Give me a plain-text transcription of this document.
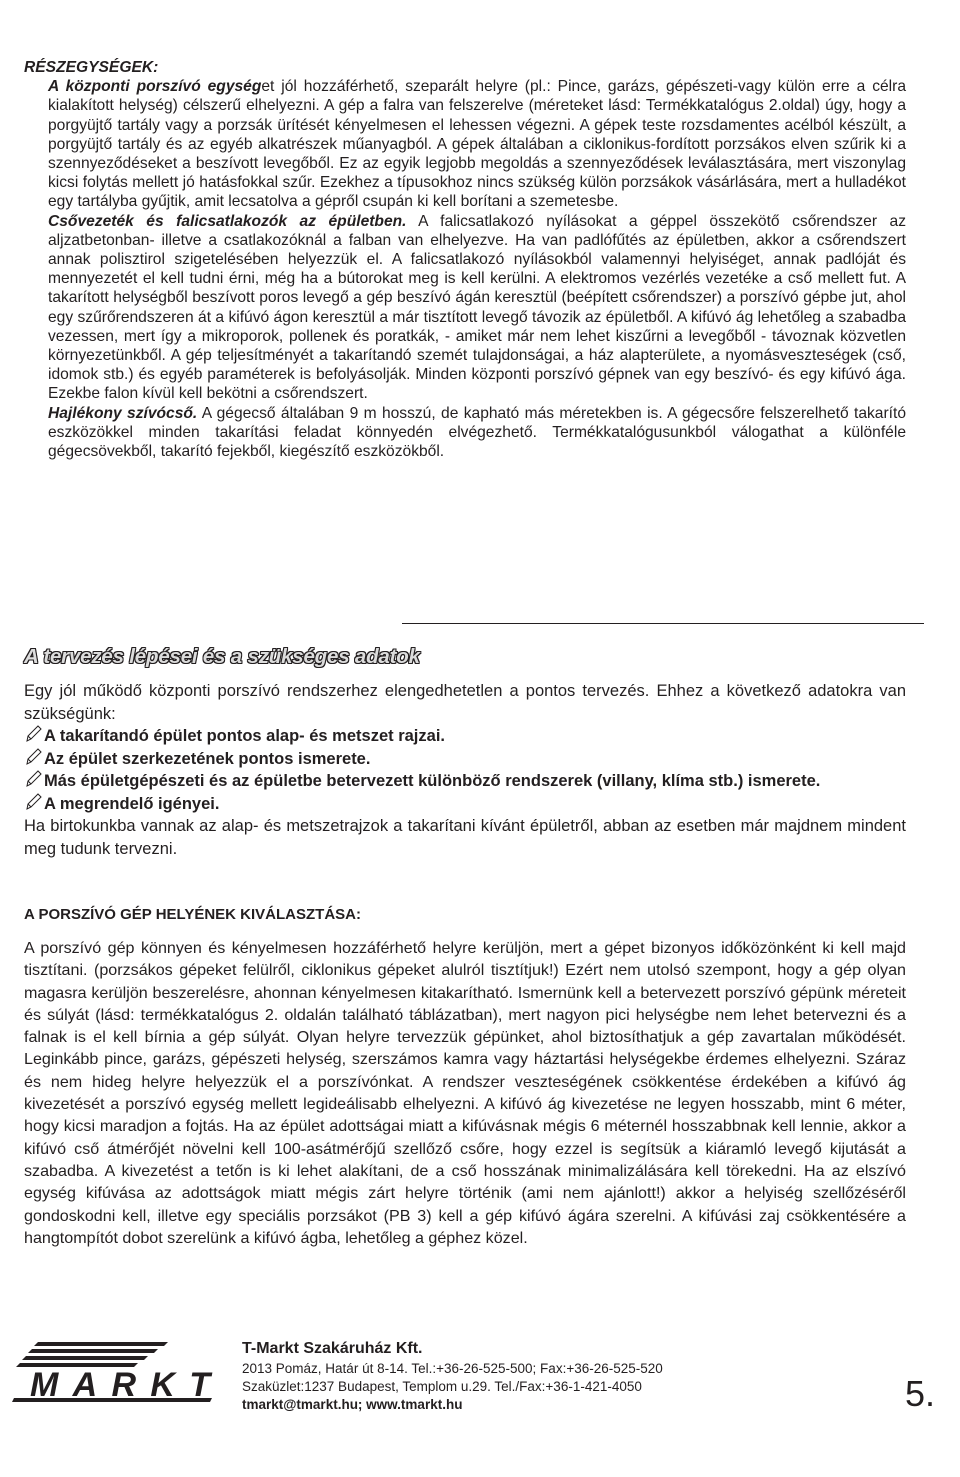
RÉSZEGYSÉGEK:

A központi porszívó egységet jól hozzáférhető, szeparált helyre (pl.: Pince, garázs, gépészeti-vagy külön erre a célra kialakított helység) célszerű elhelyezni. A gép a falra van felszerelve (méreteket lásd: Termékkatalógus 2.oldal) úgy, hogy a porgyüjtő tartály vagy a porzsák ürítését kényelmesen el lehessen végezni. A gépek teste rozsdamentes acélból készült, a porgyüjtő tartály és az egyéb alkatrészek műanyagból. A gépek általában a ciklonikus-fordított porzsákos elven szűrik ki a szennyeződéseket a beszívott levegőből. Ez az egyik legjobb megoldás a szennyeződések leválasztására, mert viszonylag kicsi folytás mellett jó hatásfokkal szűr. Ezekhez a típusokhoz nincs szükség külön porzsákok vásárlására, mert a hulladékot egy tartályba gyűjtik, amit lecsatolva a gépről csupán ki kell borítani a szemetesbe.

Csővezeték és falicsatlakozók az épületben. A falicsatlakozó nyílásokat a géppel összekötő csőrendszer az aljzatbetonban- illetve a csatlakozóknál a falban van elhelyezve. Ha van padlófűtés az épületben, akkor a csőrendszert annak polisztirol szigetelésében helyezzük el. A falicsatlakozó nyílásokból valamennyi helyiséget, annak padlóját és mennyezetét el kell tudni érni, még ha a bútorokat meg is kell kerülni. A elektromos vezérlés vezetéke a cső mellett fut. A takarított helységből beszívott poros levegő a gép beszívó ágán keresztül (beépített csőrendszer) a porszívó gépbe jut, ahol egy szűrőrendszeren át a kifúvó ágon keresztül a már tisztított levegő távozik az épületből. A kifúvó ág lehetőleg a szabadba vezessen, mert így a mikroporok, pollenek és poratkák, - amiket már nem lehet kiszűrni a levegőből - távoznak közvetlen környezetünkből. A gép teljesítményét a takarítandó szemét tulajdonságai, a ház alapterülete, a nyomásveszteségek (cső, idomok stb.) és egyéb paraméterek is befolyásolják. Minden központi porszívó gépnek van egy beszívó- és egy kifúvó ága. Ezekbe falon kívül kell bekötni a csőrendszert.

Hajlékony szívócső. A gégecső általában 9 m hosszú, de kapható más méretekben is. A gégecsőre felszerelhető takarító eszközökkel minden takarítási feladat könnyedén elvégezhető. Termékkatalógusunkból válogathat a különféle gégecsövekből, takarító fejekből, kiegészítő eszközökből.

A tervezés lépései és a szükséges adatok

Egy jól működő központi porszívó rendszerhez elengedhetetlen a pontos tervezés. Ehhez a következő adatokra van szükségünk:

A takarítandó épület pontos alap- és metszet rajzai.
Az épület szerkezetének pontos ismerete.
Más épületgépészeti és az épületbe betervezett különböző rendszerek (villany, klíma stb.) ismerete.
A megrendelő igényei.

Ha birtokunkba vannak az alap- és metszetrajzok a takarítani kívánt épületről, abban az esetben már majdnem mindent meg tudunk tervezni.

A PORSZÍVÓ GÉP HELYÉNEK KIVÁLASZTÁSA:

A porszívó gép könnyen és kényelmesen hozzáférhető helyre kerüljön, mert a gépet bizonyos időközönként ki kell majd tisztítani. (porzsákos gépeket felülről, ciklonikus gépeket alulról tisztítjuk!) Ezért nem utolsó szempont, hogy a gép olyan magasra kerüljön beszerelésre, ahonnan kényelmesen kitakarítható. Ismernünk kell a betervezett porszívó gépünk méreteit és súlyát (lásd: termékkatalógus 2. oldalán található táblázatban), mert nagyon pici helységbe nem lehet betervezni és a falnak is el kell bírnia a gép súlyát. Olyan helyre tervezzük gépünket, ahol biztosíthatjuk a gép zavartalan működését. Leginkább pince, garázs, gépészeti helység, szerszámos kamra vagy háztartási helységekbe érdemes elhelyezni. Száraz és nem hideg helyre helyezzük el a porszívónkat. A rendszer veszteségének csökkentése érdekében a kifúvó ág kivezetését a porszívó egység mellett legideálisabb elhelyezni. A kifúvó ág kivezetése ne legyen hosszabb, mint 6 méter, hogy kicsi maradjon a fojtás. Ha az épület adottságai miatt a kifúvásnak mégis 6 méternél hosszabbnak kell lennie, akkor a kifúvó cső átmérőjét növelni kell 100-asátmérőjű szellőző csőre, hogy ezzel is segítsük a kiáramló levegő kijutását a szabadba. A kivezetést a tetőn is ki lehet alakítani, de a cső hosszának minimalizálására kell törekedni. Ha az elszívó egység kifúvása az adottságok miatt mégis zárt helyre történik (ami nem ajánlott!) akkor a helyiség szellőzéséről gondoskodni kell, illetve egy speciális porzsákot (PB 3) kell a gép kifúvó ágára szerelni. A kifúvási zaj csökkentésére a hangtompítót dobot szerelünk a kifúvó ágba, lehetőleg a géphez közel.

MARKT
T-Markt Szakáruház Kft.
2013 Pomáz, Határ út 8-14. Tel.:+36-26-525-500; Fax:+36-26-525-520
Szaküzlet:1237 Budapest, Templom u.29. Tel./Fax:+36-1-421-4050
tmarkt@tmarkt.hu; www.tmarkt.hu	5.
